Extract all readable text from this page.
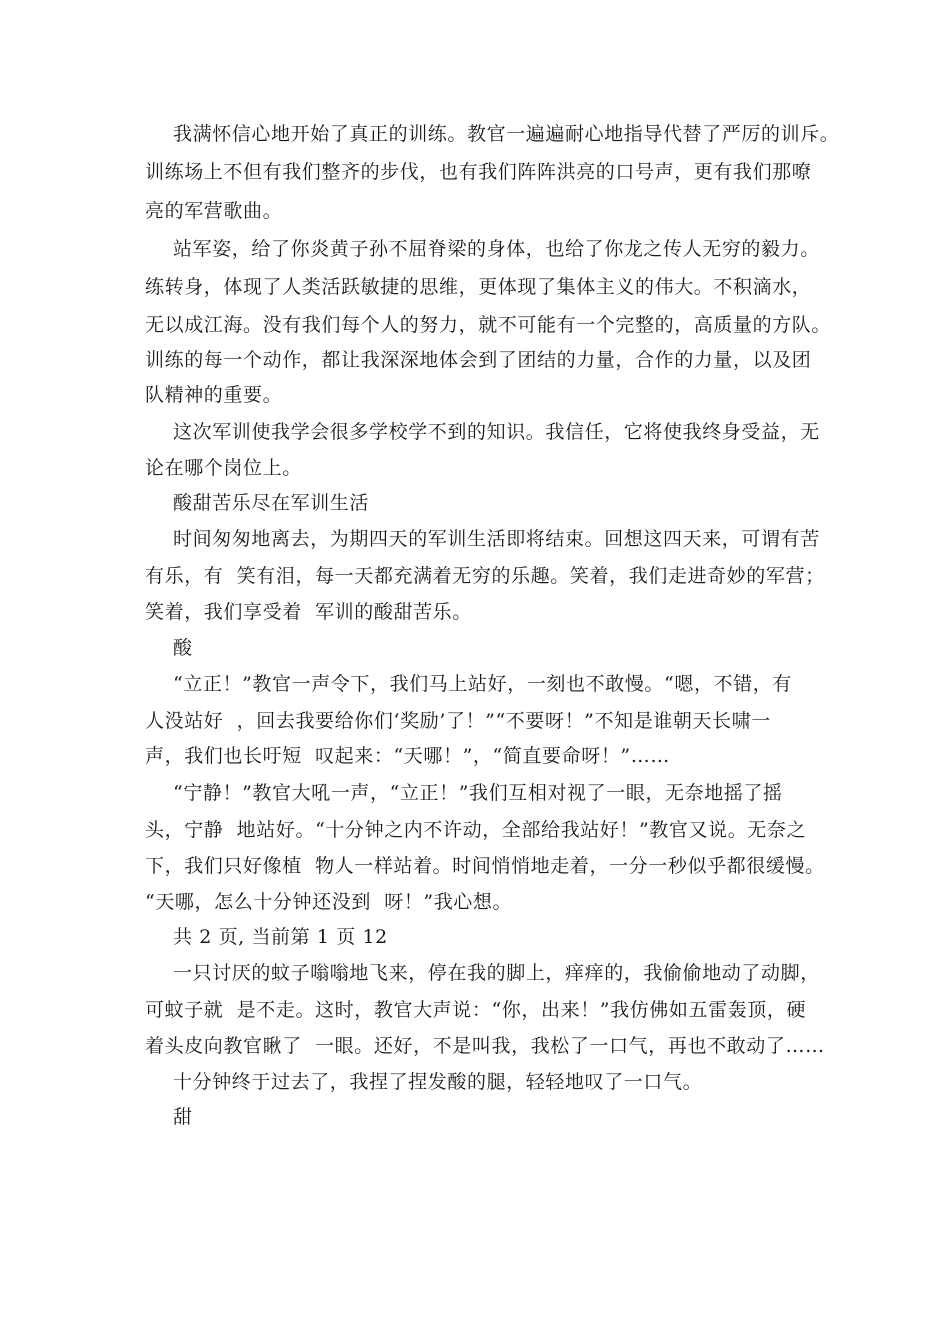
我满怀信心地开始了真正的训练。教官一遍遍耐心地指导代替了严厉的训斥。
训练场上不但有我们整齐的步伐，也有我们阵阵洪亮的口号声，更有我们那嘹
亮的军营歌曲。
站军姿，给了你炎黄子孙不屈脊梁的身体，也给了你龙之传人无穷的毅力。
练转身，体现了人类活跃敏捷的思维，更体现了集体主义的伟大。不积滴水，
无以成江海。没有我们每个人的努力，就不可能有一个完整的，高质量的方队。
训练的每一个动作，都让我深深地体会到了团结的力量，合作的力量，以及团
队精神的重要。
这次军训使我学会很多学校学不到的知识。我信任，它将使我终身受益，无
论在哪个岗位上。
酸甜苦乐尽在军训生活
时间匆匆地离去，为期四天的军训生活即将结束。回想这四天来，可谓有苦
有乐，有  笑有泪，每一天都充满着无穷的乐趣。笑着，我们走进奇妙的军营；
笑着，我们享受着  军训的酸甜苦乐。
酸
“立正！”教官一声令下，我们马上站好，一刻也不敢慢。“嗯，不错，有
人没站好  ，回去我要给你们‘奖励’了！”“不要呀！”不知是谁朝天长啸一
声，我们也长吁短  叹起来：“天哪！”，“简直要命呀！”……
“宁静！”教官大吼一声，“立正！”我们互相对视了一眼，无奈地摇了摇
头，宁静  地站好。“十分钟之内不许动，全部给我站好！”教官又说。无奈之
下，我们只好像植  物人一样站着。时间悄悄地走着，一分一秒似乎都很缓慢。
“天哪，怎么十分钟还没到  呀！”我心想。
共 2 页, 当前第 1 页 12
一只讨厌的蚊子嗡嗡地飞来，停在我的脚上，痒痒的，我偷偷地动了动脚，
可蚊子就  是不走。这时，教官大声说：“你，出来！”我仿佛如五雷轰顶，硬
着头皮向教官瞅了  一眼。还好，不是叫我，我松了一口气，再也不敢动了……
十分钟终于过去了，我捏了捏发酸的腿，轻轻地叹了一口气。
甜
